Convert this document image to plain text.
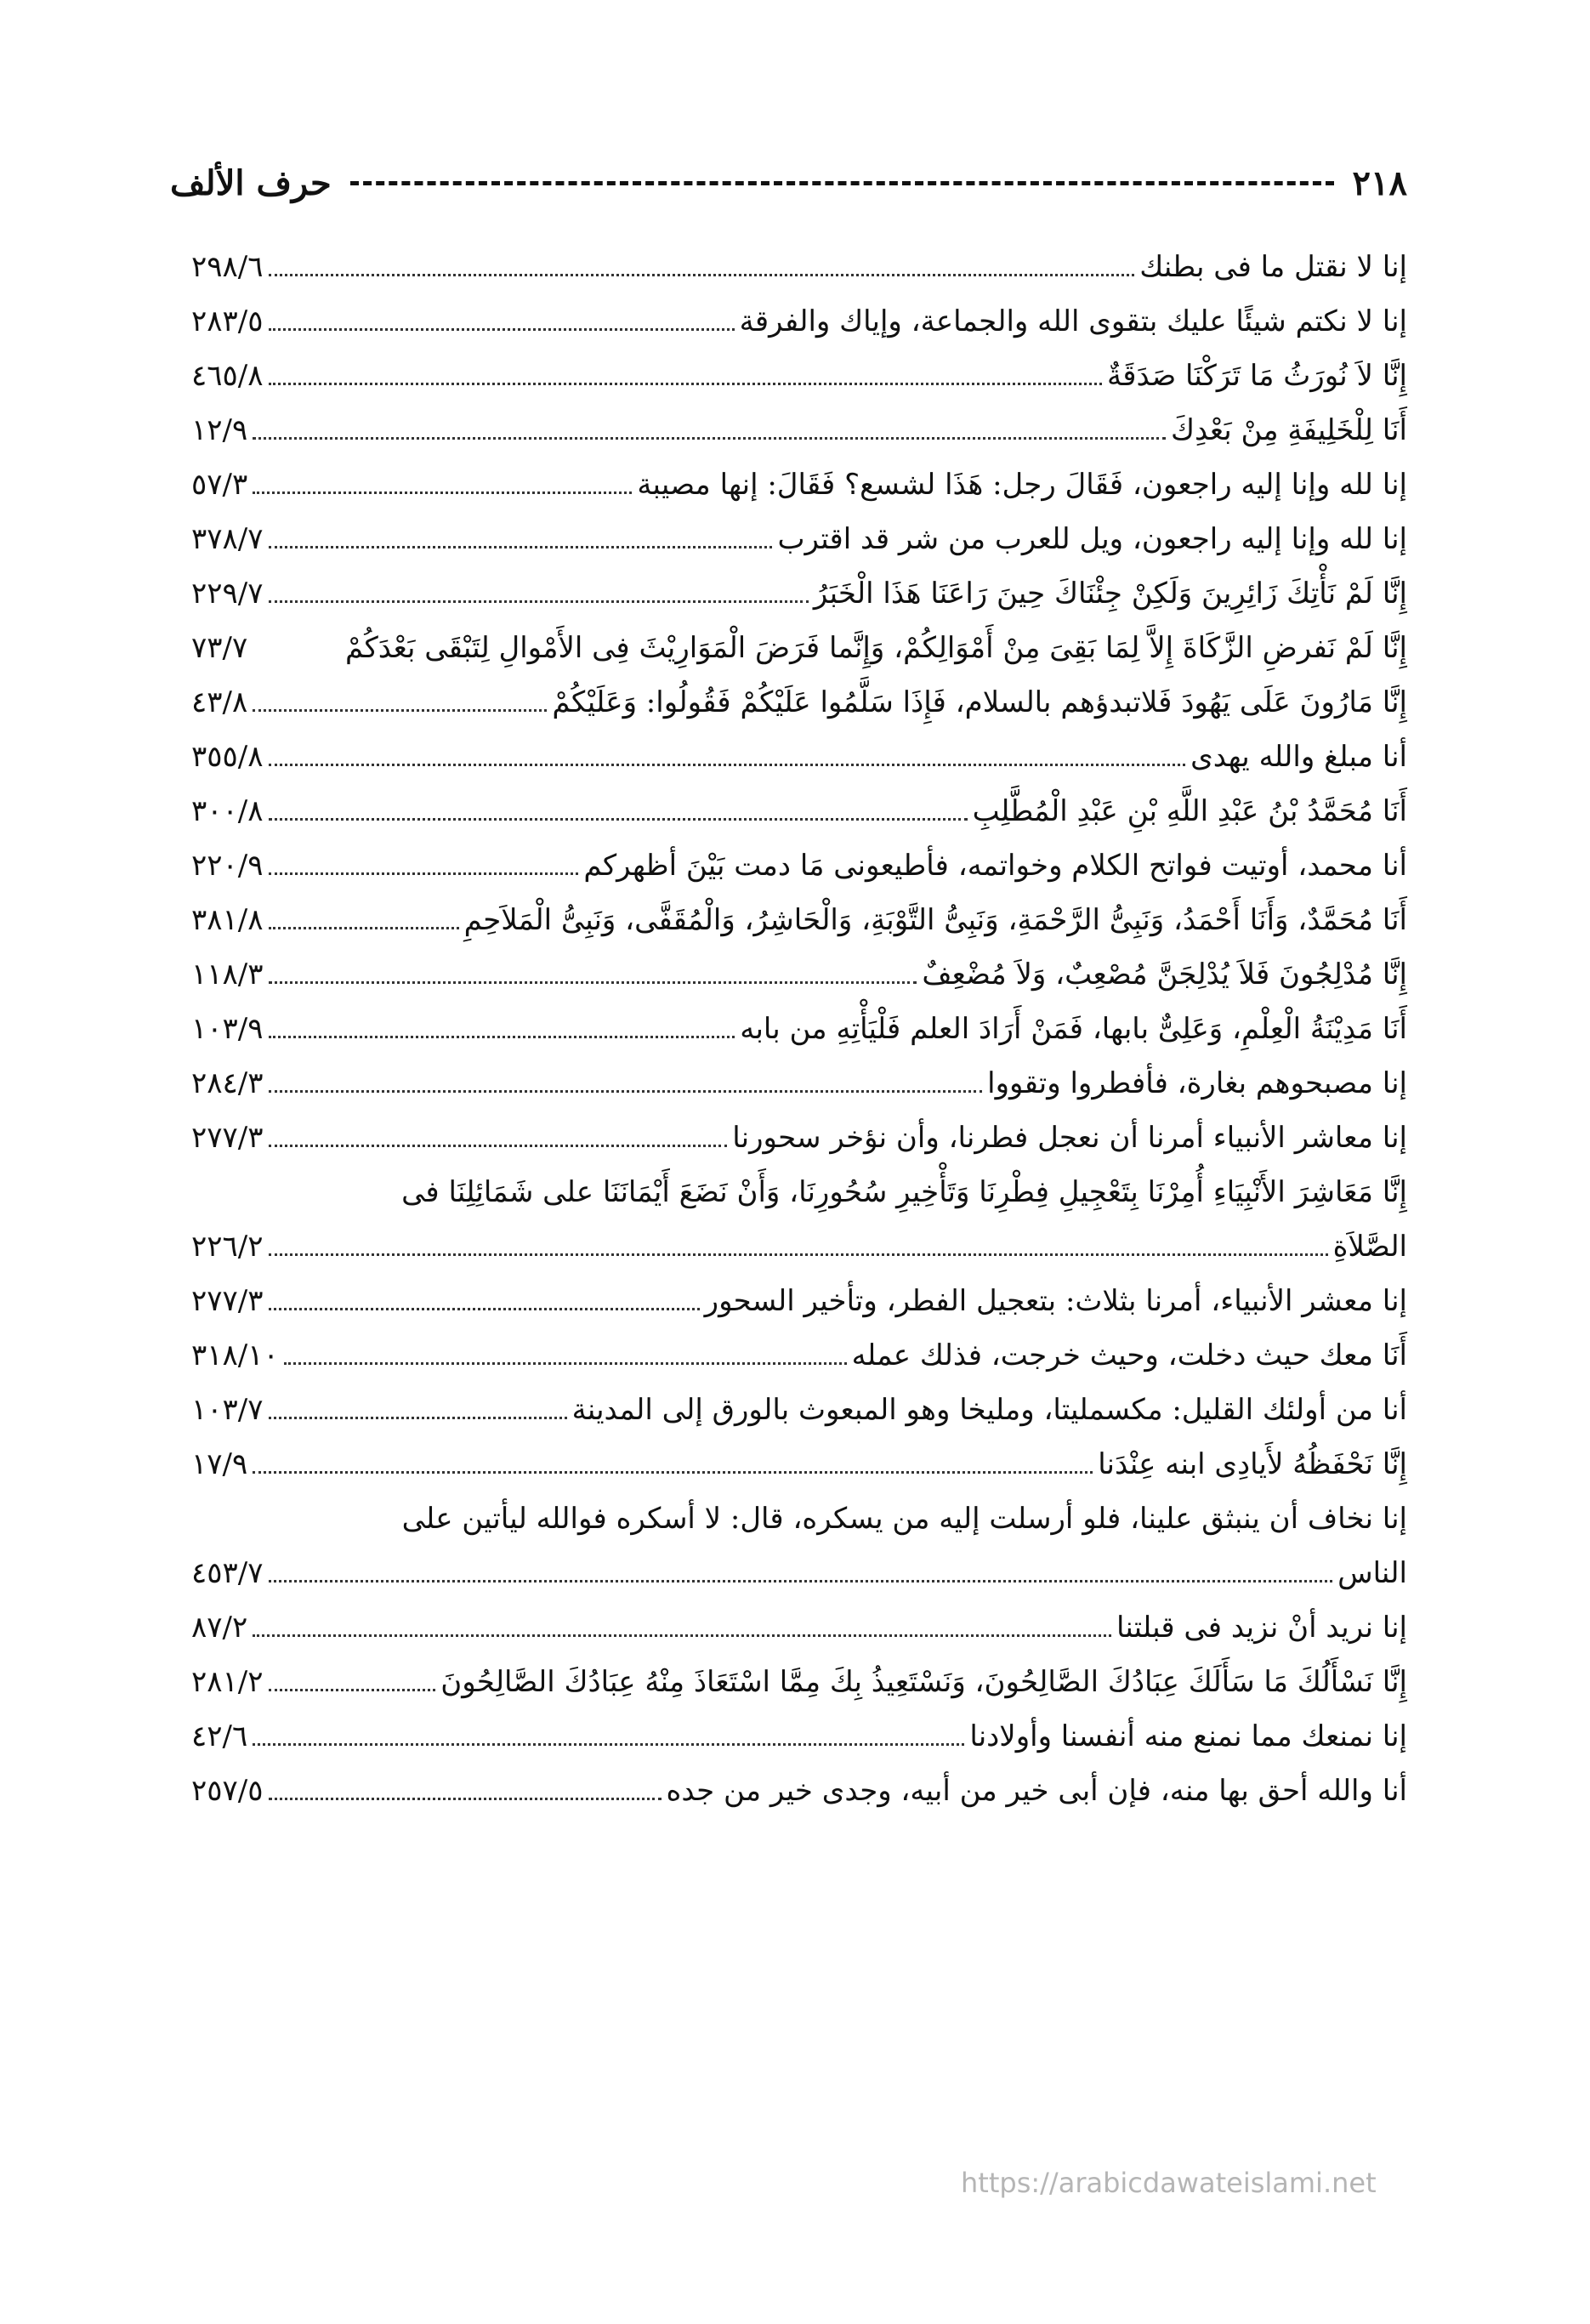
٢١٨
حرف الألف
إنا لا نقتل ما فى بطنك
٢٩٨/٦
إنا لا نكتم شيئًا عليك بتقوى الله والجماعة، وإياك والفرقة
٢٨٣/٥
إِنَّا لاَ نُورَثُ مَا تَرَكْنَا صَدَقَةٌ
٤٦٥/٨
أَنَا لِلْخَلِيفَةِ مِنْ بَعْدِكَ
١٢/٩
إنا لله وإنا إليه راجعون، فَقَالَ رجل: هَذَا لشسع؟ فَقَالَ: إنها مصيبة
٥٧/٣
إنا لله وإنا إليه راجعون، ويل للعرب من شر قد اقترب
٣٧٨/٧
إِنَّا لَمْ نَأْتِكَ زَائِرِينَ وَلَكِنْ جِئْنَاكَ حِينَ رَاعَنَا هَذَا الْخَبَرُ
٢٢٩/٧
إِنَّا لَمْ نَفرضِ الزَّكَاةَ إِلاَّ لِمَا بَقِىَ مِنْ أَمْوَالِكُمْ، وَإِنَّما فَرَضَ الْمَوَارِيْثَ فِى الأَمْوالِ لِتَبْقَى بَعْدَكُمْ
٧٣/٧
إِنَّا مَارُونَ عَلَى يَهُودَ فَلاتبدؤهم بالسلام، فَإِذَا سَلَّمُوا عَلَيْكُمْ فَقُولُوا: وَعَلَيْكُمْ
٤٣/٨
أنا مبلغ والله يهدى
٣٥٥/٨
أَنَا مُحَمَّدُ بْنُ عَبْدِ اللَّهِ بْنِ عَبْدِ الْمُطَّلِبِ
٣٠٠/٨
أنا محمد، أوتيت فواتح الكلام وخواتمه، فأطيعونى مَا دمت بَيْنَ أظهركم
٢٢٠/٩
أَنَا مُحَمَّدٌ، وَأَنَا أَحْمَدُ، وَنَبِىُّ الرَّحْمَةِ، وَنَبِىُّ التَّوْبَةِ، وَالْحَاشِرُ، وَالْمُقَفَّى، وَنَبِىُّ الْمَلاَحِمِ
٣٨١/٨
إِنَّا مُدْلِجُونَ فَلاَ يُدْلِجَنَّ مُصْعِبٌ، وَلاَ مُضْعِفٌ
١١٨/٣
أَنَا مَدِيْنَةُ الْعِلْمِ، وَعَلِىٌّ بابها، فَمَنْ أَرَادَ العلم فَلْيَأْتِهِ من بابه
١٠٣/٩
إنا مصبحوهم بغارة، فأفطروا وتقووا
٢٨٤/٣
إنا معاشر الأنبياء أمرنا أن نعجل فطرنا، وأن نؤخر سحورنا
٢٧٧/٣
إِنَّا مَعَاشِرَ الأَنْبِيَاءِ أُمِرْنَا بِتَعْجِيلِ فِطْرِنَا وَتَأْخِيرِ سُحُورِنَا، وَأَنْ نَضَعَ أَيْمَانَنَا على شَمَائِلِنَا فى
الصَّلاَةِ
٢٢٦/٢
إنا معشر الأنبياء، أمرنا بثلاث: بتعجيل الفطر، وتأخير السحور
٢٧٧/٣
أَنَا معك حيث دخلت، وحيث خرجت، فذلك عمله
٣١٨/١٠
أنا من أولئك القليل: مكسمليتا، ومليخا وهو المبعوث بالورق إلى المدينة
١٠٣/٧
إِنَّا نَحْفَظُهُ لأَيادِى ابنه عِنْدَنا
١٧/٩
إنا نخاف أن ينبثق علينا، فلو أرسلت إليه من يسكره، قال: لا أسكره فوالله ليأتين على
الناس
٤٥٣/٧
إنا نريد أنْ نزيد فى قبلتنا
٨٧/٢
إِنَّا نَسْأَلُكَ مَا سَأَلَكَ عِبَادُكَ الصَّالِحُونَ، وَنَسْتَعِيذُ بِكَ مِمَّا اسْتَعَاذَ مِنْهُ عِبَادُكَ الصَّالِحُونَ
٢٨١/٢
إنا نمنعك مما نمنع منه أنفسنا وأولادنا
٤٢/٦
أنا والله أحق بها منه، فإن أبى خير من أبيه، وجدى خير من جده
٢٥٧/٥
https://arabicdawateislami.net
